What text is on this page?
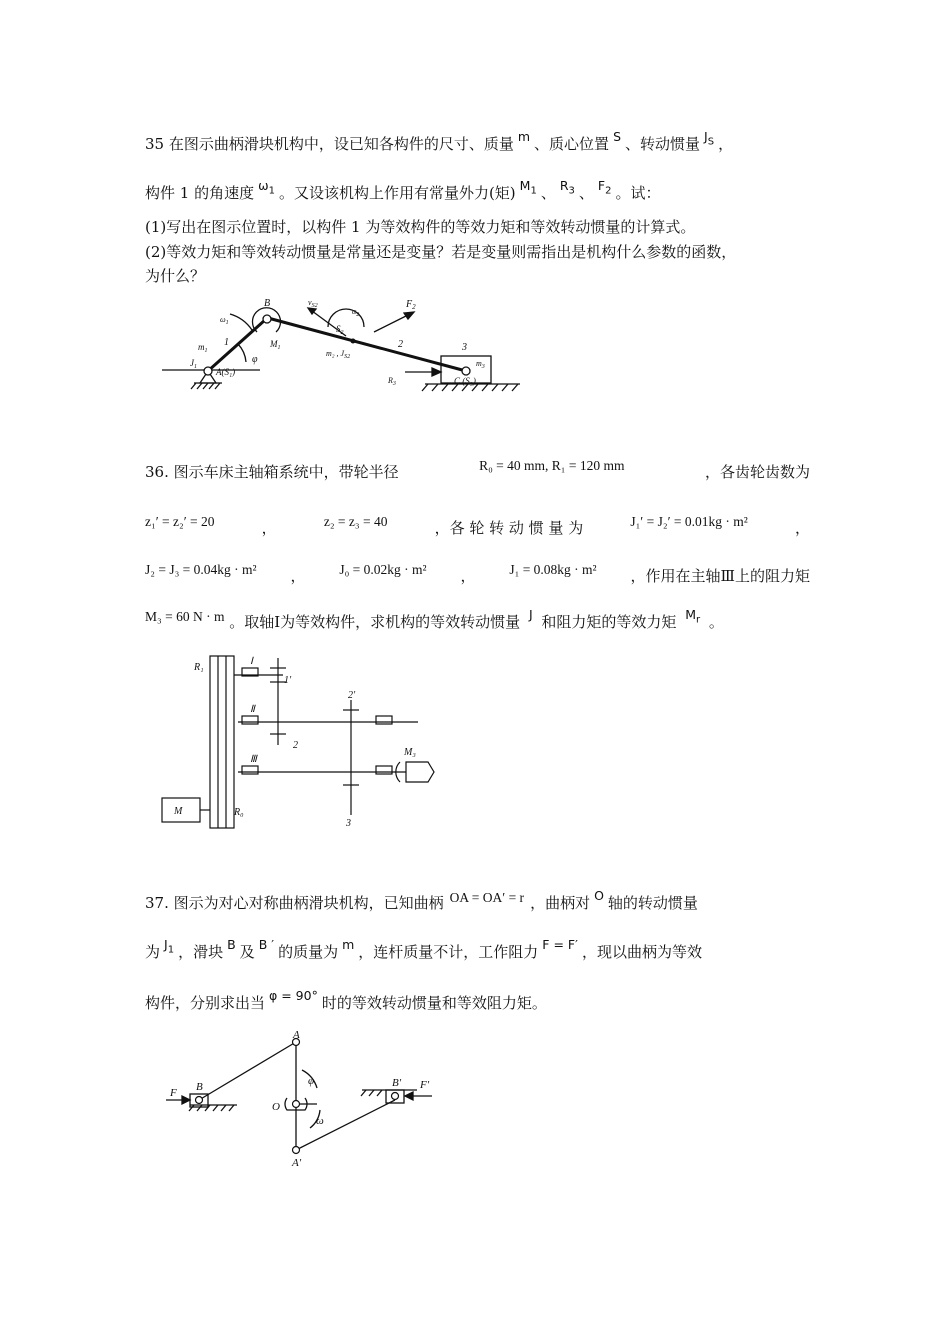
35 在图示曲柄滑块机构中，设已知各构件的尺寸、质量 $^m$ 、质心位置 $^S$ 、转动惯量 $^{J_S}$ ，
构件 1 的角速度 $^{\omega_1}$ 。又设该机构上作用有常量外力(矩) $^{M_1}$ 、 $^{R_3}$ 、 $^{F_2}$ 。试：
(1)写出在图示位置时，以构件 1 为等效构件的等效力矩和等效转动惯量的计算式。
(2)等效力矩和等效转动惯量是常量还是变量？若是变量则需指出是机构什么参数的函数，
为什么？
B	$v_{S2}$
$\alpha_2$
$F_2$
$\omega_1$
1	$M_1$
$S_2$
2	3
$m_1$
$J_1$
φ
A(S₁)
m₂ , $J_{S2}$
$m_3$
$R_3$	C (S₃)
36. 图示车床主轴箱系统中，带轮半径	R₀ = 40 mm, R₁ = 120 mm	，各齿轮齿数为
z₁′ = z₂′ = 20	，	z₂ = z₃ = 40	，各 轮 转 动 惯 量 为	J₁′ = J₂′ = 0.01kg · m²	，
J₂ = J₃ = 0.04kg · m² ，	J₀ = 0.02kg · m² ，	J₁ = 0.08kg · m² ，作用在主轴Ⅲ上的阻力矩
M₃ = 60 N · m 。取轴Ⅰ为等效构件，求机构的等效转动惯量 $^J$ 和阻力矩的等效力矩 $^{M_r}$ 。
R₁
Ⅰ
1′
2′
Ⅱ
2
Ⅲ
M₃
M	R₀
3
37. 图示为对心对称曲柄滑块机构，已知曲柄 OA = OA′ = r ，曲柄对 $^O$ 轴的转动惯量
为 $^{J_1}$ ，滑块 $^B$ 及 $^{B '}$ 的质量为 $^m$ ，连杆质量不计，工作阻力 $^{F = F'}$ ，现以曲柄为等效
构件，分别求出当 $^{\varphi = 90^\circ}$ 时的等效转动惯量和等效阻力矩。
A
F B	φ	B′ F′
O
ω
A′
